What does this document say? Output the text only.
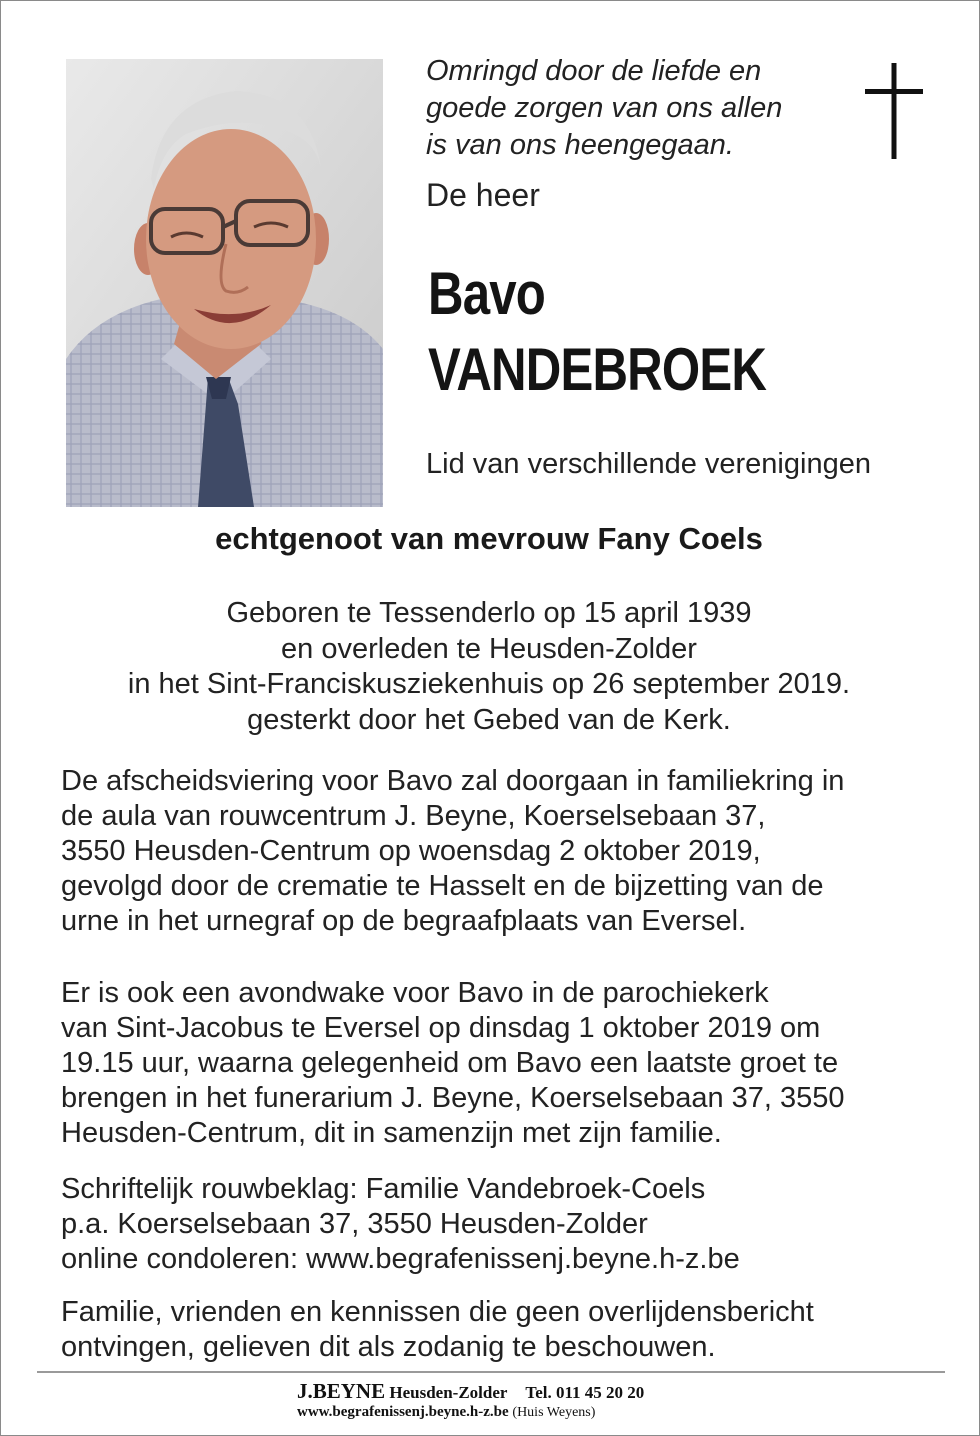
Omringd door de liefde en
goede zorgen van ons allen
is van ons heengegaan.
De heer
Bavo
VANDEBROEK
Lid van verschillende verenigingen
echtgenoot van mevrouw Fany Coels
Geboren te Tessenderlo op 15 april 1939
en overleden te Heusden-Zolder
in het Sint-Franciskusziekenhuis op 26 september 2019.
gesterkt door het Gebed van de Kerk.
De afscheidsviering voor Bavo zal doorgaan in familiekring in
de aula van rouwcentrum J. Beyne, Koerselsebaan 37,
3550 Heusden-Centrum op woensdag 2 oktober 2019,
gevolgd door de crematie te Hasselt en de bijzetting van de
urne in het urnegraf op de begraafplaats van Eversel.
Er is ook een avondwake voor Bavo in de parochiekerk
van Sint-Jacobus te Eversel op dinsdag 1 oktober 2019 om
19.15 uur, waarna gelegenheid om Bavo een laatste groet te
brengen in het funerarium J. Beyne, Koerselsebaan 37, 3550
Heusden-Centrum, dit in samenzijn met zijn familie.
Schriftelijk rouwbeklag: Familie Vandebroek-Coels
p.a. Koerselsebaan 37, 3550 Heusden-Zolder
online condoleren: www.begrafenissenj.beyne.h-z.be
Familie, vrienden en kennissen die geen overlijdensbericht
ontvingen, gelieven dit als zodanig te beschouwen.
J.BEYNE Heusden-Zolder Tel. 011 45 20 20
www.begrafenissenj.beyne.h-z.be (Huis Weyens)
